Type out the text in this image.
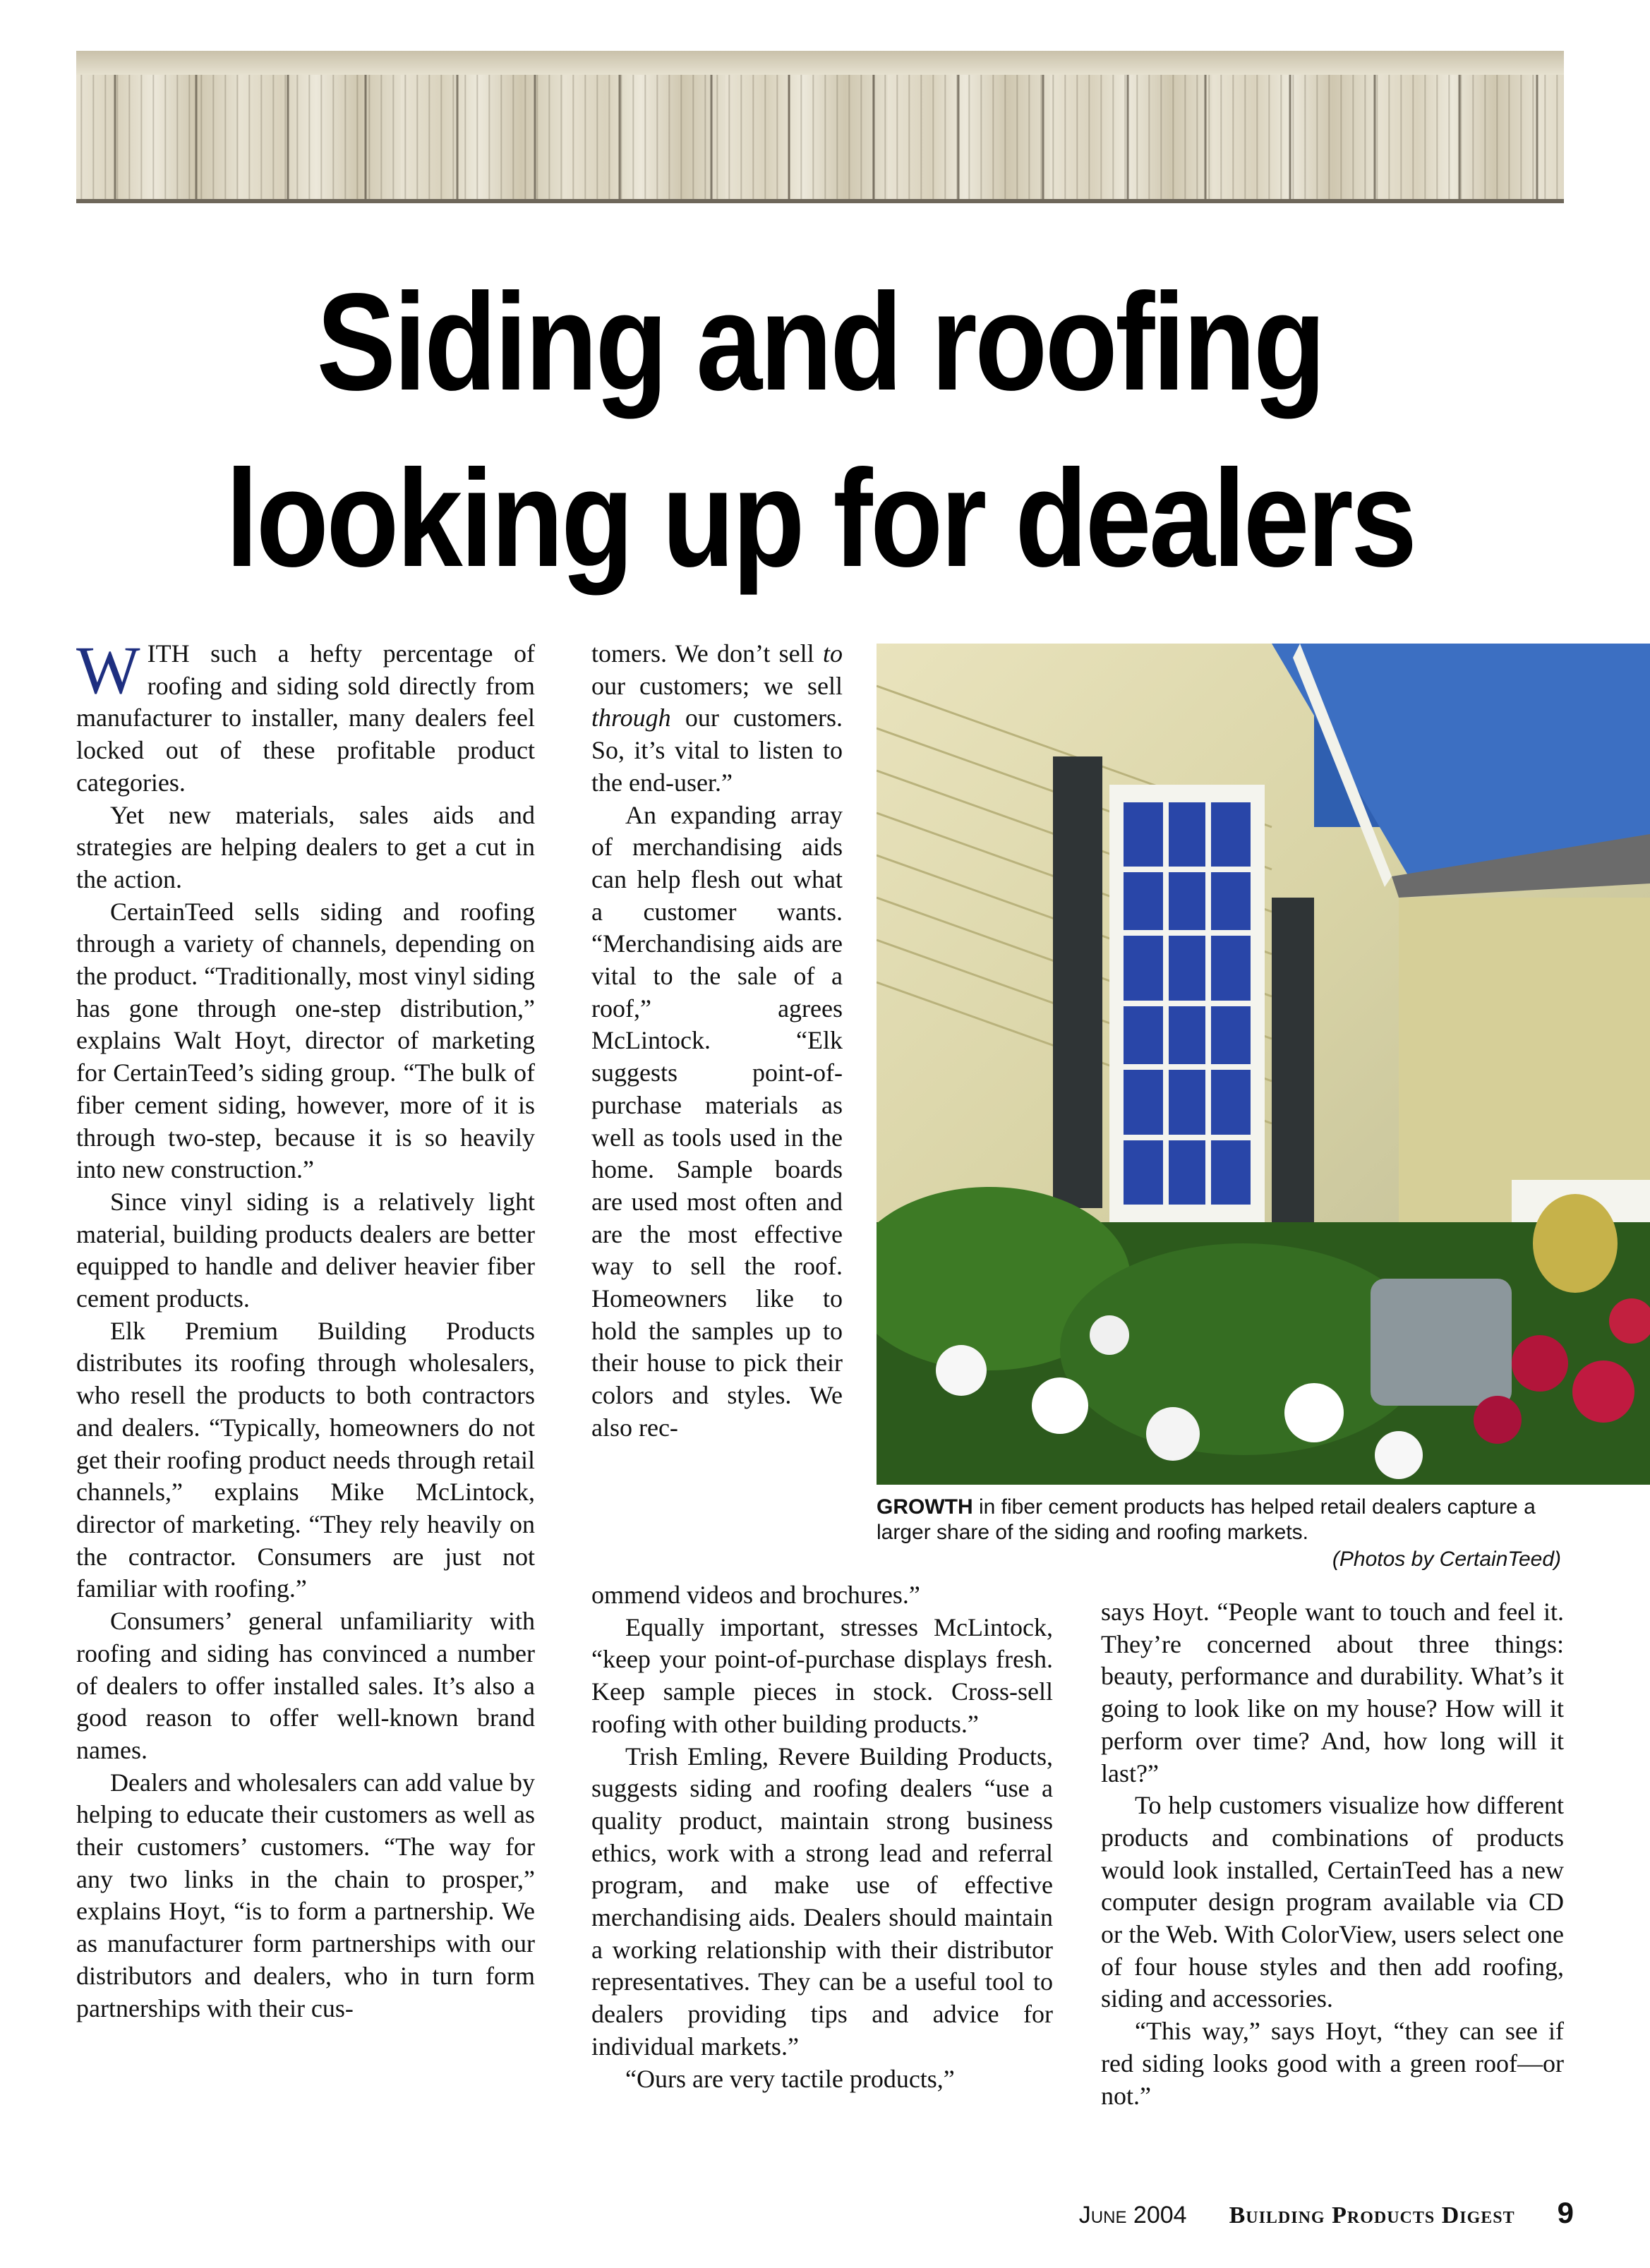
Siding and roofing
looking up for dealers

WITH such a hefty percentage of roofing and siding sold directly from manufacturer to installer, many dealers feel locked out of these profitable product categories.

Yet new materials, sales aids and strategies are helping dealers to get a cut in the action.

CertainTeed sells siding and roofing through a variety of channels, depending on the product. “Traditionally, most vinyl siding has gone through one-step distribution,” explains Walt Hoyt, director of marketing for CertainTeed’s siding group. “The bulk of fiber cement siding, however, more of it is through two-step, because it is so heavily into new construction.”

Since vinyl siding is a relatively light material, building products dealers are better equipped to handle and deliver heavier fiber cement products.

Elk Premium Building Products distributes its roofing through wholesalers, who resell the products to both contractors and dealers. “Typically, homeowners do not get their roofing product needs through retail channels,” explains Mike McLintock, director of marketing. “They rely heavily on the contractor. Consumers are just not familiar with roofing.”

Consumers’ general unfamiliarity with roofing and siding has convinced a number of dealers to offer installed sales. It’s also a good reason to offer well-known brand names.

Dealers and wholesalers can add value by helping to educate their customers as well as their customers’ customers. “The way for any two links in the chain to prosper,” explains Hoyt, “is to form a partnership. We as manufacturer form partnerships with our distributors and dealers, who in turn form partnerships with their cus-

tomers. We don’t sell to our customers; we sell through our customers. So, it’s vital to listen to the end-user.”

An expanding array of merchandising aids can help flesh out what a customer wants. “Merchandising aids are vital to the sale of a roof,” agrees McLintock. “Elk suggests point-of-purchase materials as well as tools used in the home. Sample boards are used most often and are the most effective way to sell the roof. Homeowners like to hold the samples up to their house to pick their colors and styles. We also rec-

GROWTH in fiber cement products has helped retail dealers capture a larger share of the siding and roofing markets.
(Photos by CertainTeed)

ommend videos and brochures.”

Equally important, stresses McLintock, “keep your point-of-purchase displays fresh. Keep sample pieces in stock. Cross-sell roofing with other building products.”

Trish Emling, Revere Building Products, suggests siding and roofing dealers “use a quality product, maintain strong business ethics, work with a strong lead and referral program, and make use of effective merchandising aids. Dealers should maintain a working relationship with their distributor representatives. They can be a useful tool to dealers providing tips and advice for individual markets.”

“Ours are very tactile products,”

says Hoyt. “People want to touch and feel it. They’re concerned about three things: beauty, performance and durability. What’s it going to look like on my house? How will it perform over time? And, how long will it last?”

To help customers visualize how different products and combinations of products would look installed, CertainTeed has a new computer design program available via CD or the Web. With ColorView, users select one of four house styles and then add roofing, siding and accessories.

“This way,” says Hoyt, “they can see if red siding looks good with a green roof—or not.”

June 2004 Building Products Digest 9
